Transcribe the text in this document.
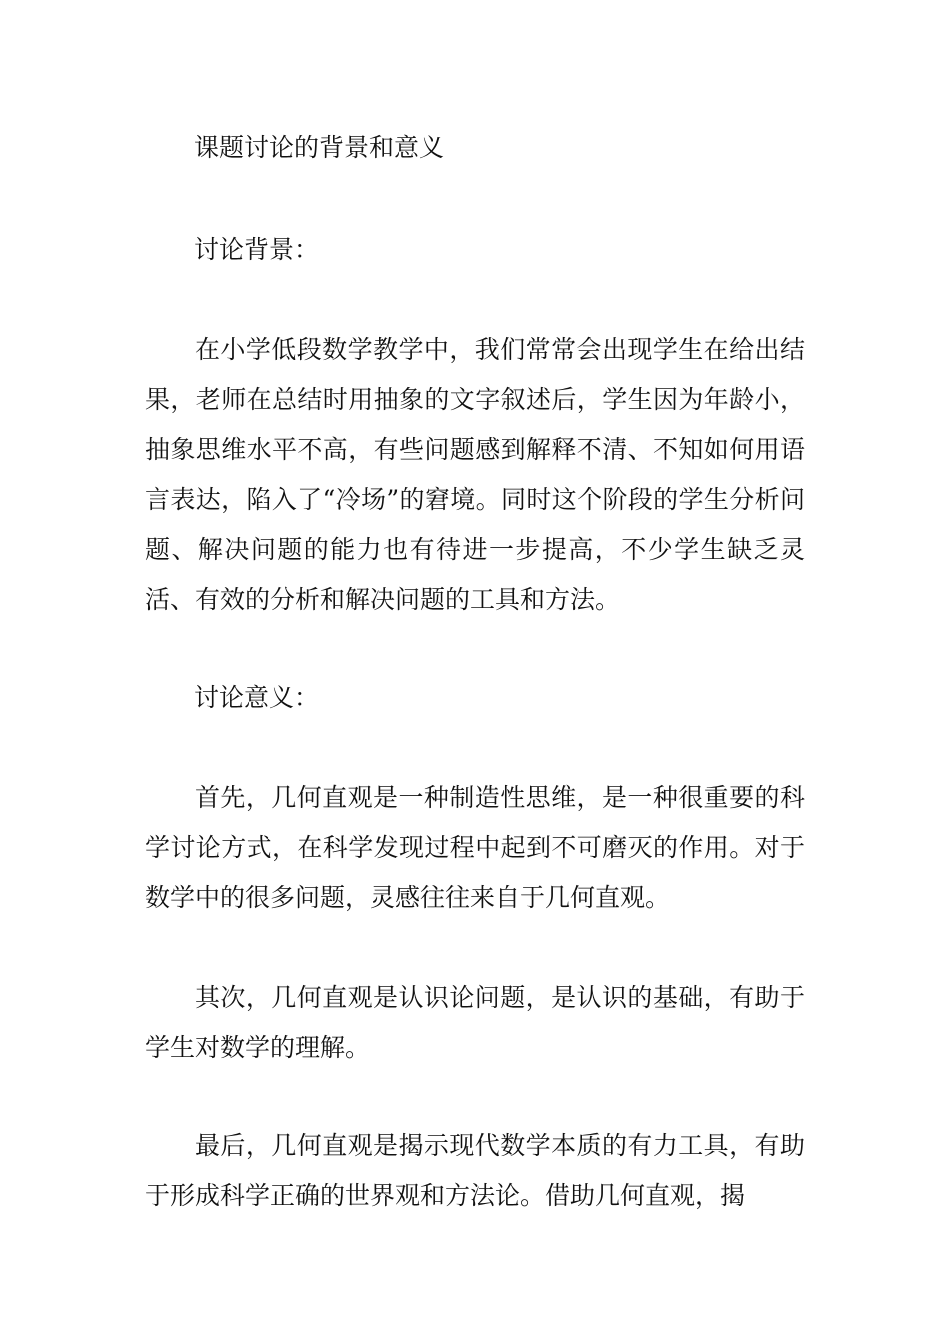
课题讨论的背景和意义
讨论背景：

在小学低段数学教学中，我们常常会出现学生在给出结果，老师在总结时用抽象的文字叙述后，学生因为年龄小，抽象思维水平不高，有些问题感到解释不清、不知如何用语言表达，陷入了“冷场”的窘境。同时这个阶段的学生分析问题、解决问题的能力也有待进一步提高，不少学生缺乏灵活、有效的分析和解决问题的工具和方法。

讨论意义：

首先，几何直观是一种制造性思维，是一种很重要的科学讨论方式，在科学发现过程中起到不可磨灭的作用。对于数学中的很多问题，灵感往往来自于几何直观。

其次，几何直观是认识论问题，是认识的基础，有助于学生对数学的理解。

最后，几何直观是揭示现代数学本质的有力工具，有助于形成科学正确的世界观和方法论。借助几何直观，揭
